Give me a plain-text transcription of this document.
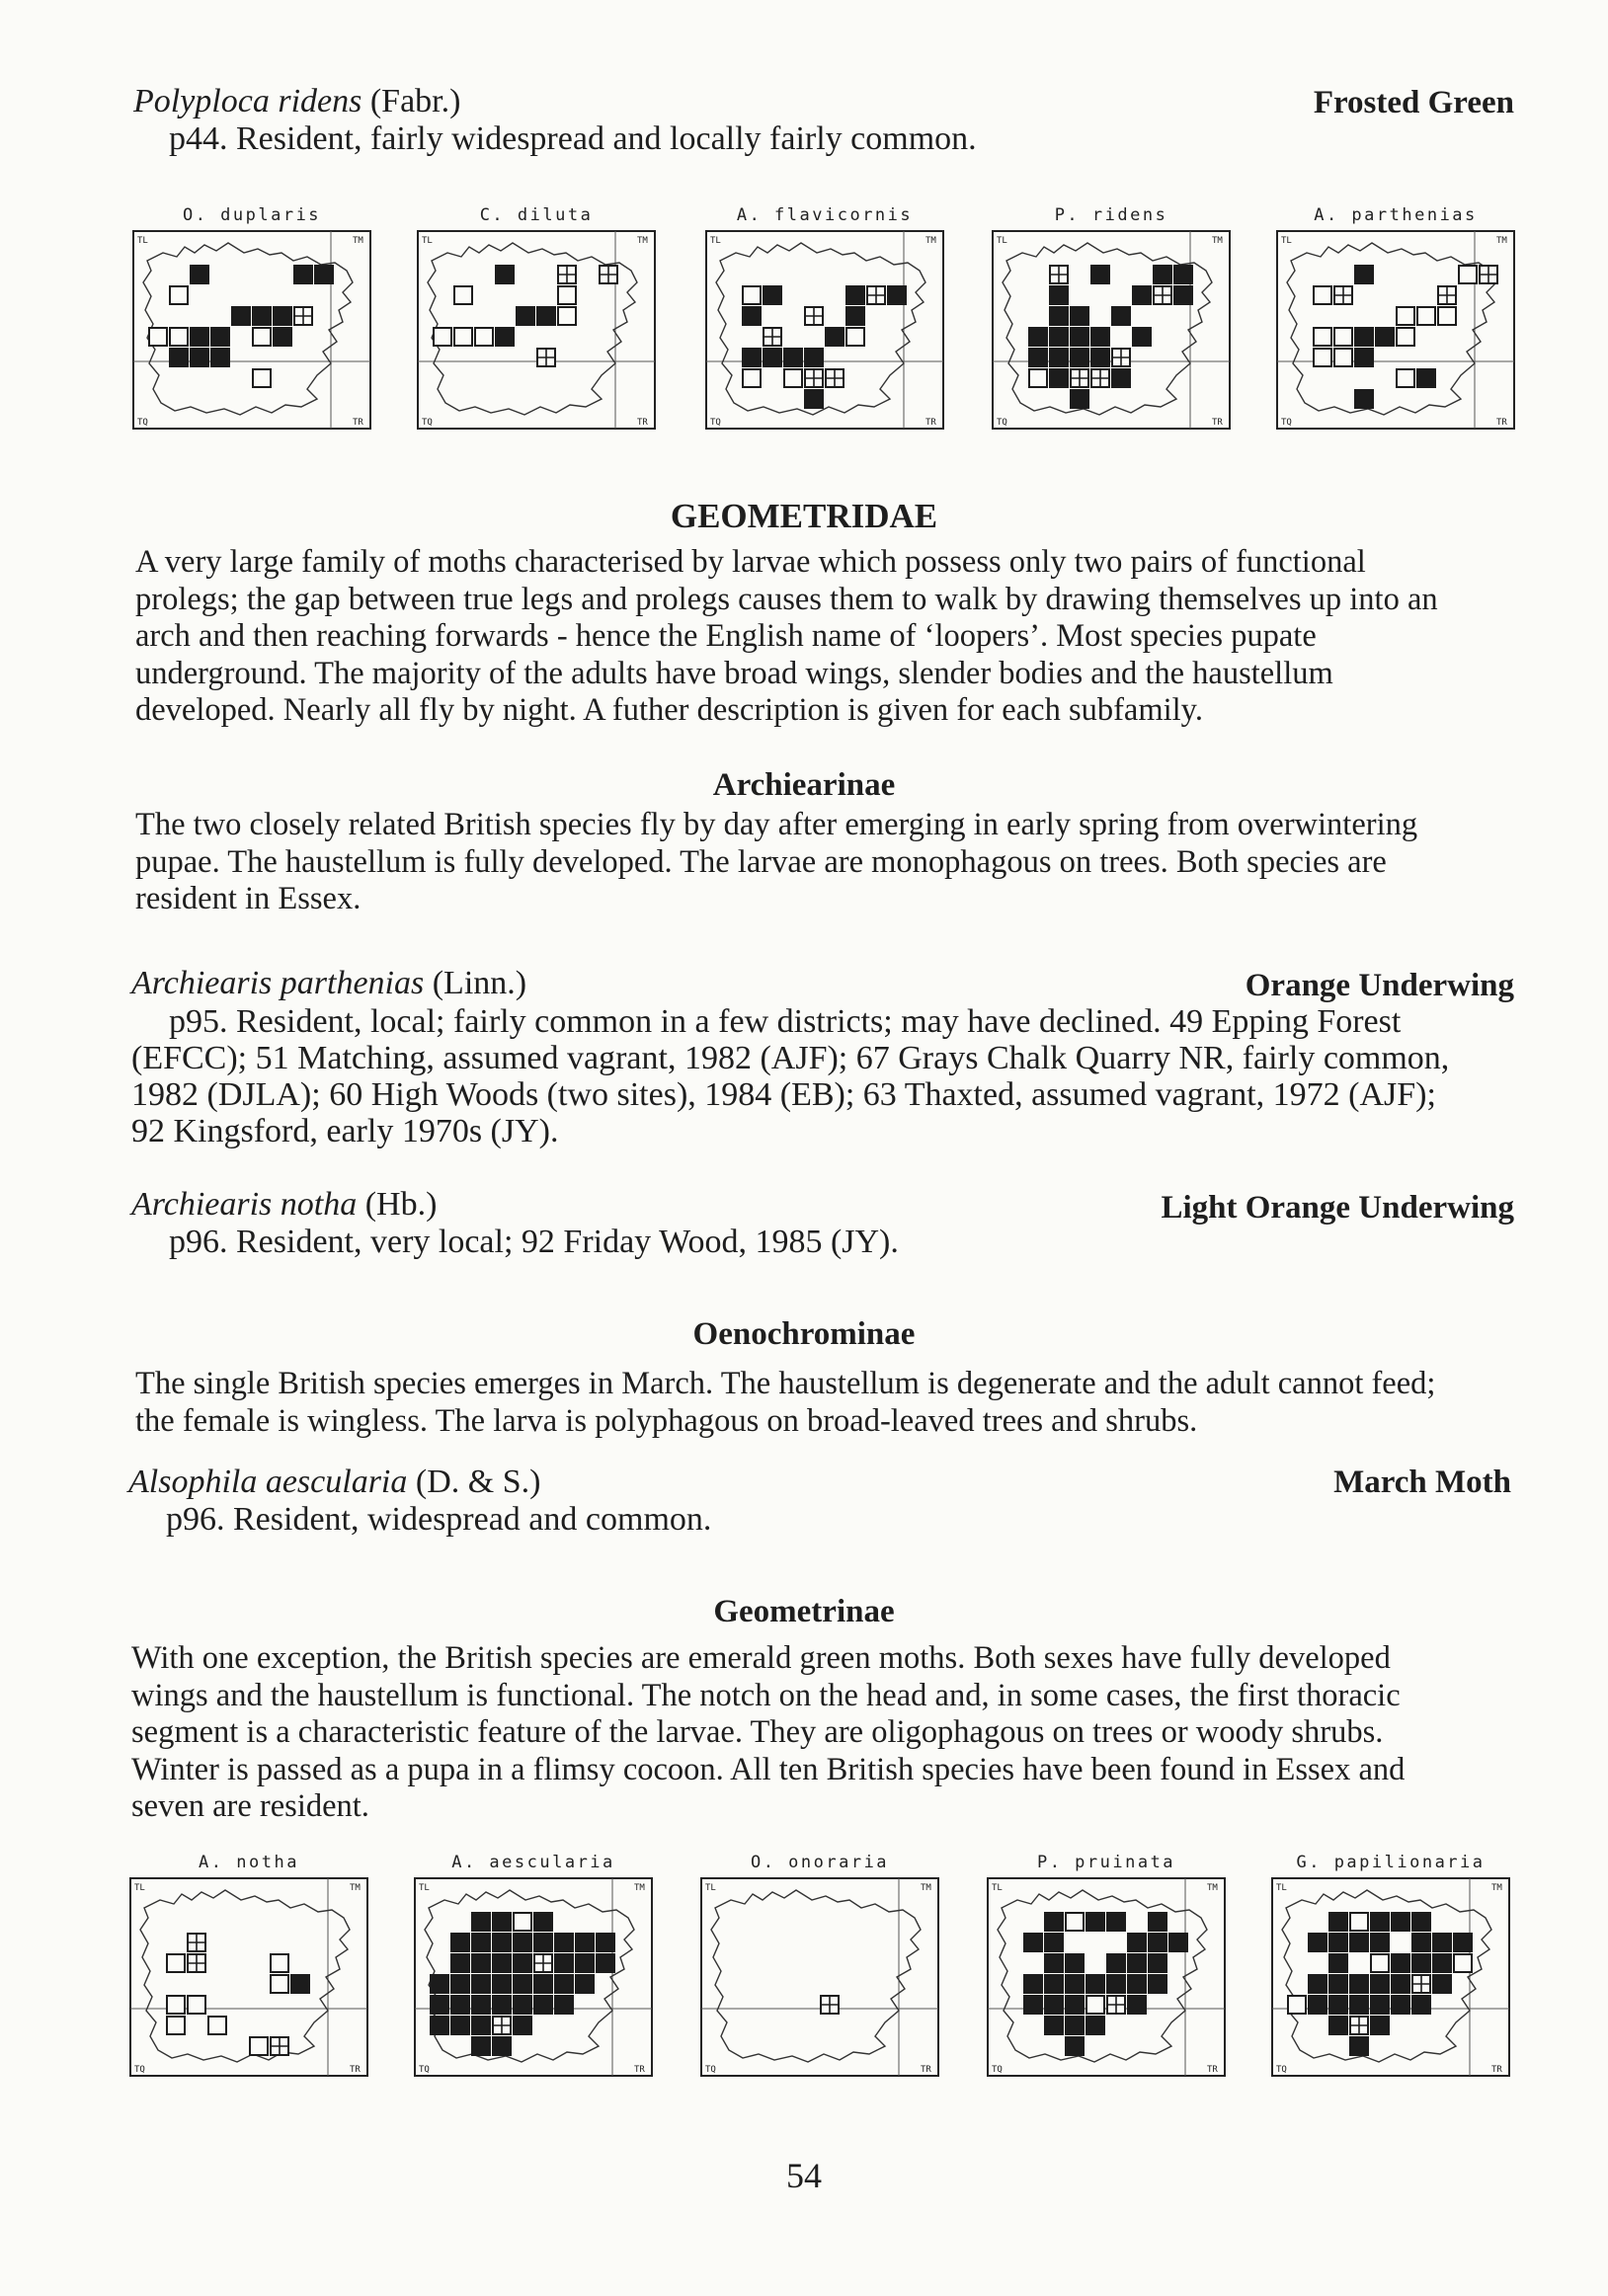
Polyploca ridens (Fabr.)	Frosted Green
p44. Resident, fairly widespread and locally fairly common.
O. duplaris
TL	TM
TQ	TR
C. diluta
TL	TM
TQ	TR
A. flavicornis
TL	TM
TQ	TR
P. ridens
TL	TM
TQ	TR
A. parthenias
TL	TM
TQ	TR
GEOMETRIDAE
A very large family of moths characterised by larvae which possess only two pairs of functional
prolegs; the gap between true legs and prolegs causes them to walk by drawing themselves up into an
arch and then reaching forwards - hence the English name of ‘loopers’. Most species pupate
underground. The majority of the adults have broad wings, slender bodies and the haustellum
developed. Nearly all fly by night. A futher description is given for each subfamily.
Archiearinae
The two closely related British species fly by day after emerging in early spring from overwintering
pupae. The haustellum is fully developed. The larvae are monophagous on trees. Both species are
resident in Essex.
Archiearis parthenias (Linn.)	Orange Underwing
p95. Resident, local; fairly common in a few districts; may have declined. 49 Epping Forest
(EFCC); 51 Matching, assumed vagrant, 1982 (AJF); 67 Grays Chalk Quarry NR, fairly common,
1982 (DJLA); 60 High Woods (two sites), 1984 (EB); 63 Thaxted, assumed vagrant, 1972 (AJF);
92 Kingsford, early 1970s (JY).
Archiearis notha (Hb.)	Light Orange Underwing
p96. Resident, very local; 92 Friday Wood, 1985 (JY).
Oenochrominae
The single British species emerges in March. The haustellum is degenerate and the adult cannot feed;
the female is wingless. The larva is polyphagous on broad-leaved trees and shrubs.
Alsophila aescularia (D. & S.)	March Moth
p96. Resident, widespread and common.
Geometrinae
With one exception, the British species are emerald green moths. Both sexes have fully developed
wings and the haustellum is functional. The notch on the head and, in some cases, the first thoracic
segment is a characteristic feature of the larvae. They are oligophagous on trees or woody shrubs.
Winter is passed as a pupa in a flimsy cocoon. All ten British species have been found in Essex and
seven are resident.
A. notha
TL	TM
TQ	TR
A. aescularia
TL	TM
TQ	TR
O. onoraria
TL	TM
TQ	TR
P. pruinata
TL	TM
TQ	TR
G. papilionaria
TL	TM
TQ	TR
54
